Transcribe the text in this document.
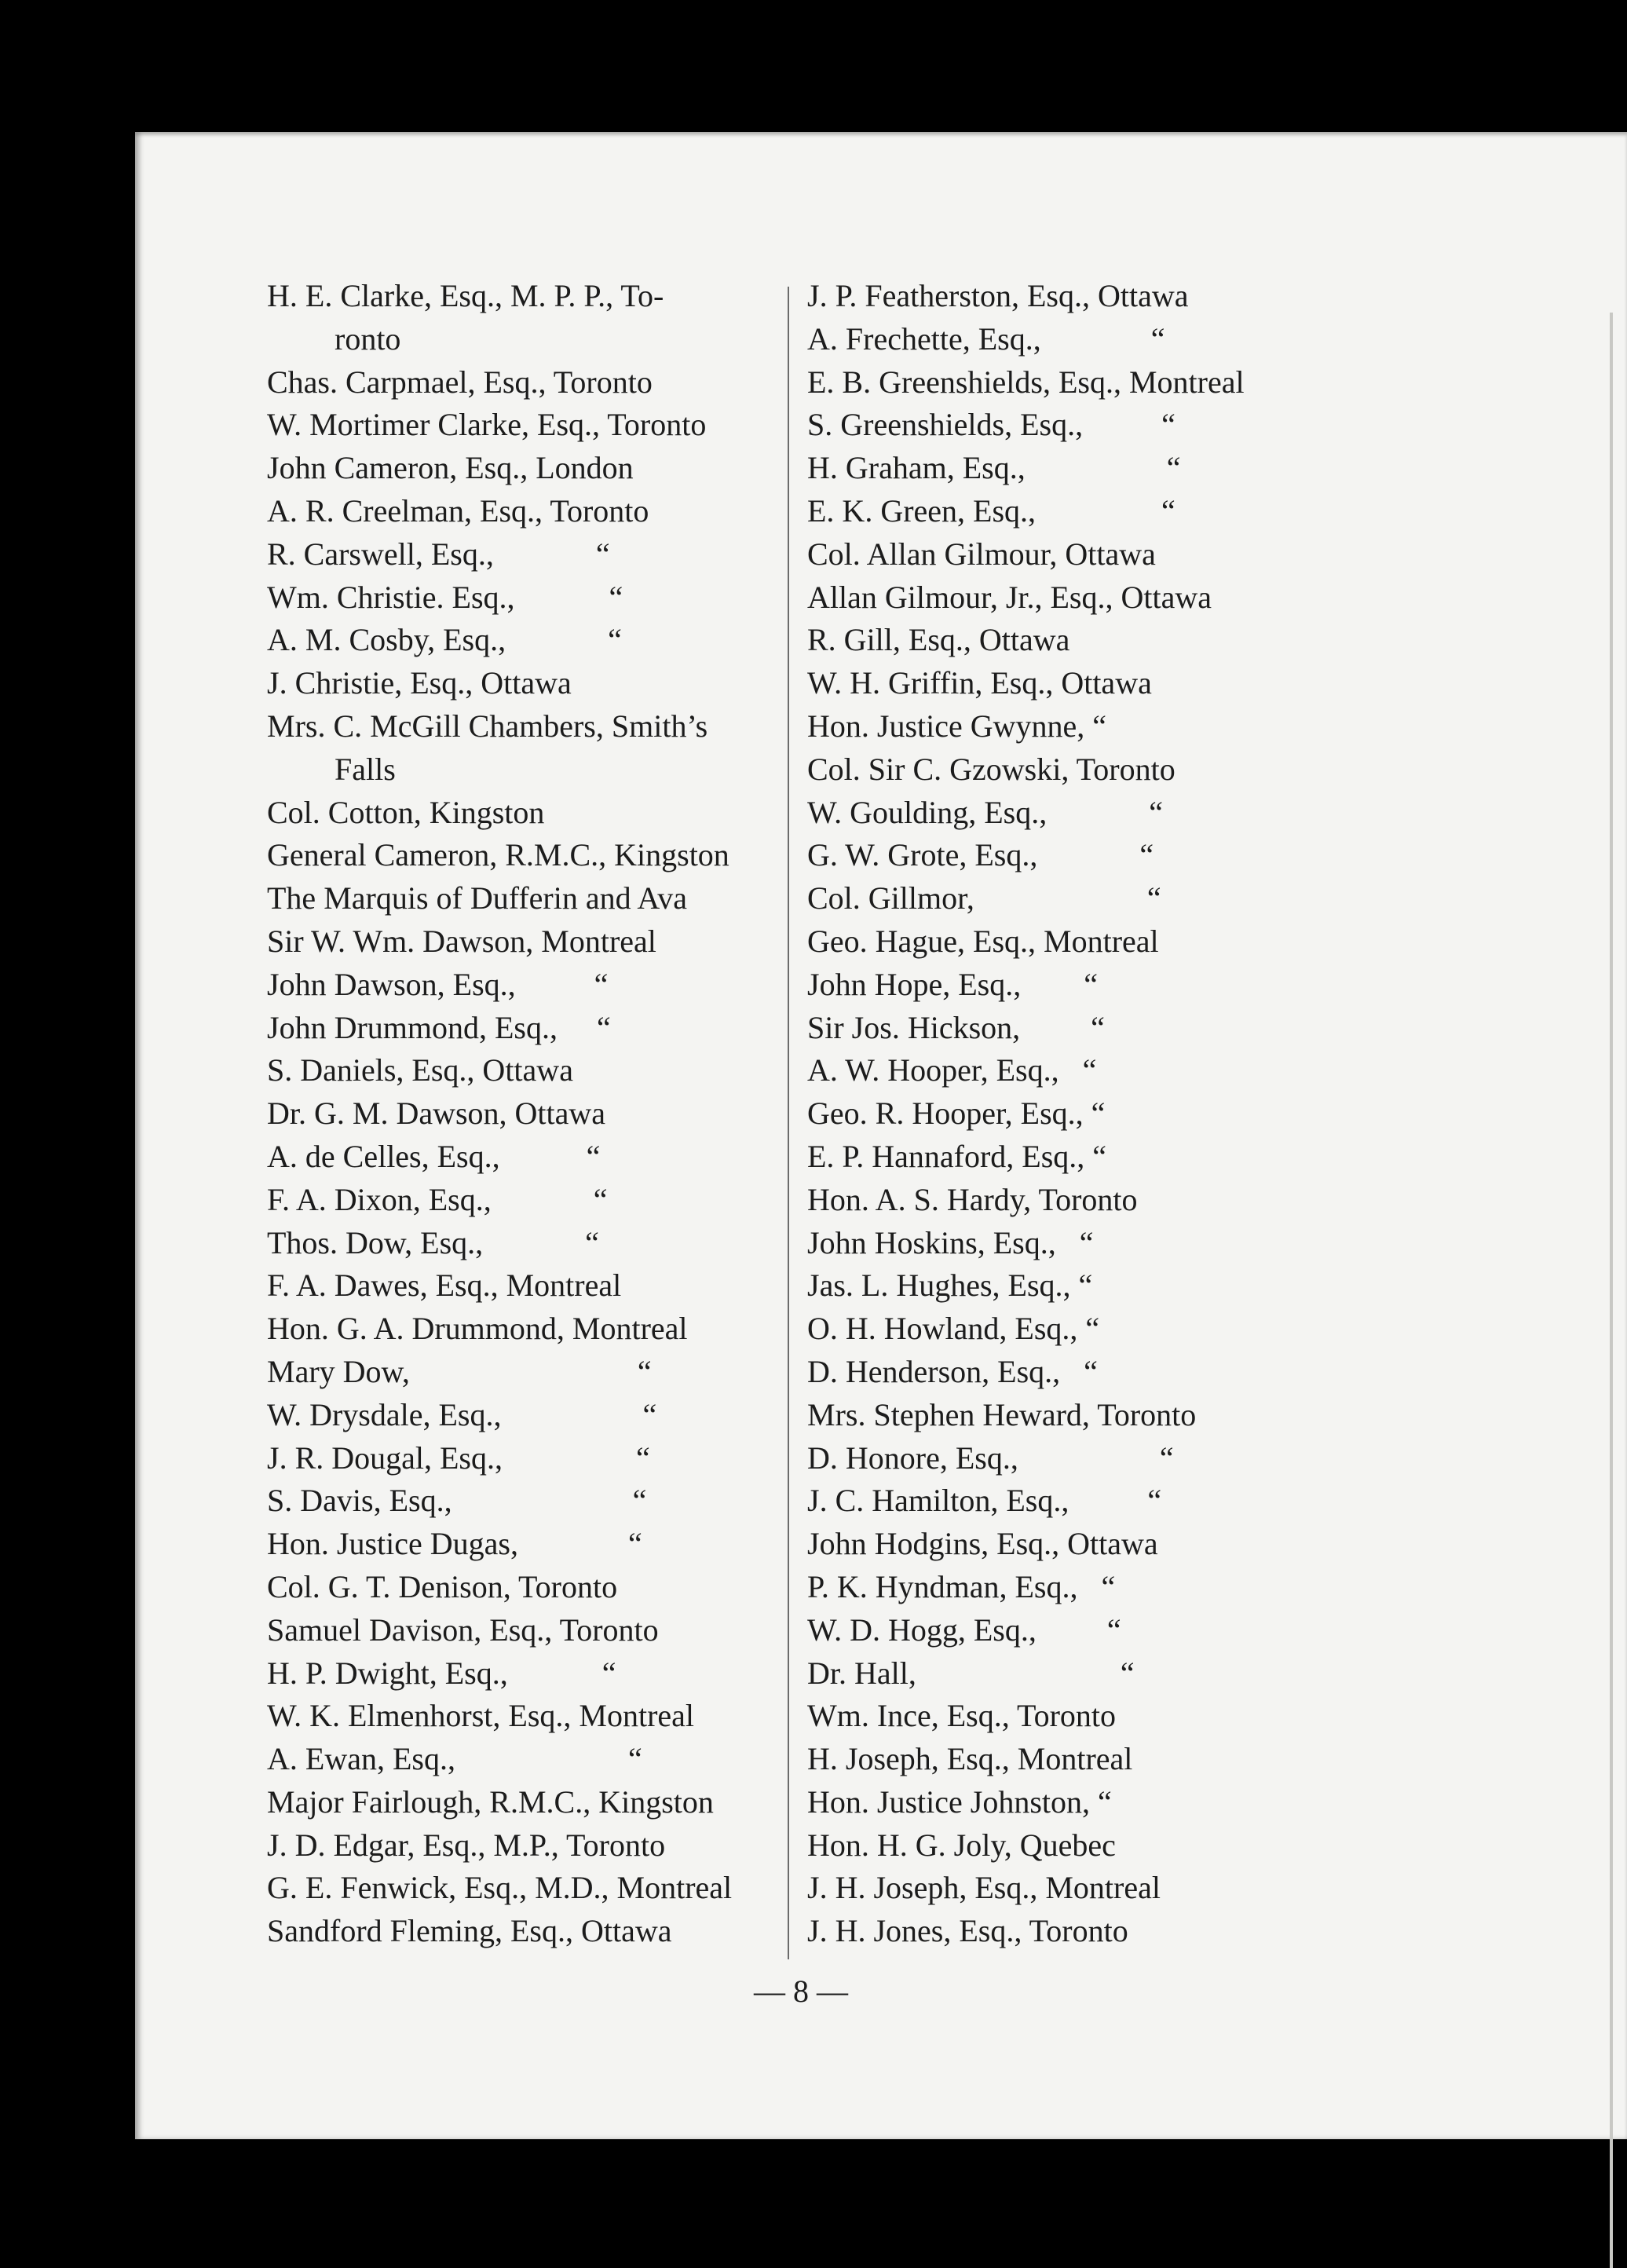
H. E. Clarke, Esq., M. P. P., To-
ronto
Chas. Carpmael, Esq., Toronto
W. Mortimer Clarke, Esq., Toronto
John Cameron, Esq., London
A. R. Creelman, Esq., Toronto
R. Carswell, Esq.,             “
Wm. Christie. Esq.,            “
A. M. Cosby, Esq.,             “
J. Christie, Esq., Ottawa
Mrs. C. McGill Chambers, Smith’s
Falls
Col. Cotton, Kingston
General Cameron, R.M.C., Kingston
The Marquis of Dufferin and Ava
Sir W. Wm. Dawson, Montreal
John Dawson, Esq.,          “
John Drummond, Esq.,     “
S. Daniels, Esq., Ottawa
Dr. G. M. Dawson, Ottawa
A. de Celles, Esq.,           “
F. A. Dixon, Esq.,             “
Thos. Dow, Esq.,             “
F. A. Dawes, Esq., Montreal
Hon. G. A. Drummond, Montreal
Mary Dow,                             “
W. Drysdale, Esq.,                  “
J. R. Dougal, Esq.,                 “
S. Davis, Esq.,                       “
Hon. Justice Dugas,              “
Col. G. T. Denison, Toronto
Samuel Davison, Esq., Toronto
H. P. Dwight, Esq.,            “
W. K. Elmenhorst, Esq., Montreal
A. Ewan, Esq.,                      “
Major Fairlough, R.M.C., Kingston
J. D. Edgar, Esq., M.P., Toronto
G. E. Fenwick, Esq., M.D., Montreal
Sandford Fleming, Esq., Ottawa
J. P. Featherston, Esq., Ottawa
A. Frechette, Esq.,              “
E. B. Greenshields, Esq., Montreal
S. Greenshields, Esq.,          “
H. Graham, Esq.,                  “
E. K. Green, Esq.,                “
Col. Allan Gilmour, Ottawa
Allan Gilmour, Jr., Esq., Ottawa
R. Gill, Esq., Ottawa
W. H. Griffin, Esq., Ottawa
Hon. Justice Gwynne, “
Col. Sir C. Gzowski, Toronto
W. Goulding, Esq.,             “
G. W. Grote, Esq.,             “
Col. Gillmor,                      “
Geo. Hague, Esq., Montreal
John Hope, Esq.,        “
Sir Jos. Hickson,         “
A. W. Hooper, Esq.,   “
Geo. R. Hooper, Esq., “
E. P. Hannaford, Esq., “
Hon. A. S. Hardy, Toronto
John Hoskins, Esq.,   “
Jas. L. Hughes, Esq., “
O. H. Howland, Esq., “
D. Henderson, Esq.,   “
Mrs. Stephen Heward, Toronto
D. Honore, Esq.,                  “
J. C. Hamilton, Esq.,          “
John Hodgins, Esq., Ottawa
P. K. Hyndman, Esq.,   “
W. D. Hogg, Esq.,         “
Dr. Hall,                          “
Wm. Ince, Esq., Toronto
H. Joseph, Esq., Montreal
Hon. Justice Johnston, “
Hon. H. G. Joly, Quebec
J. H. Joseph, Esq., Montreal
J. H. Jones, Esq., Toronto
— 8 —
